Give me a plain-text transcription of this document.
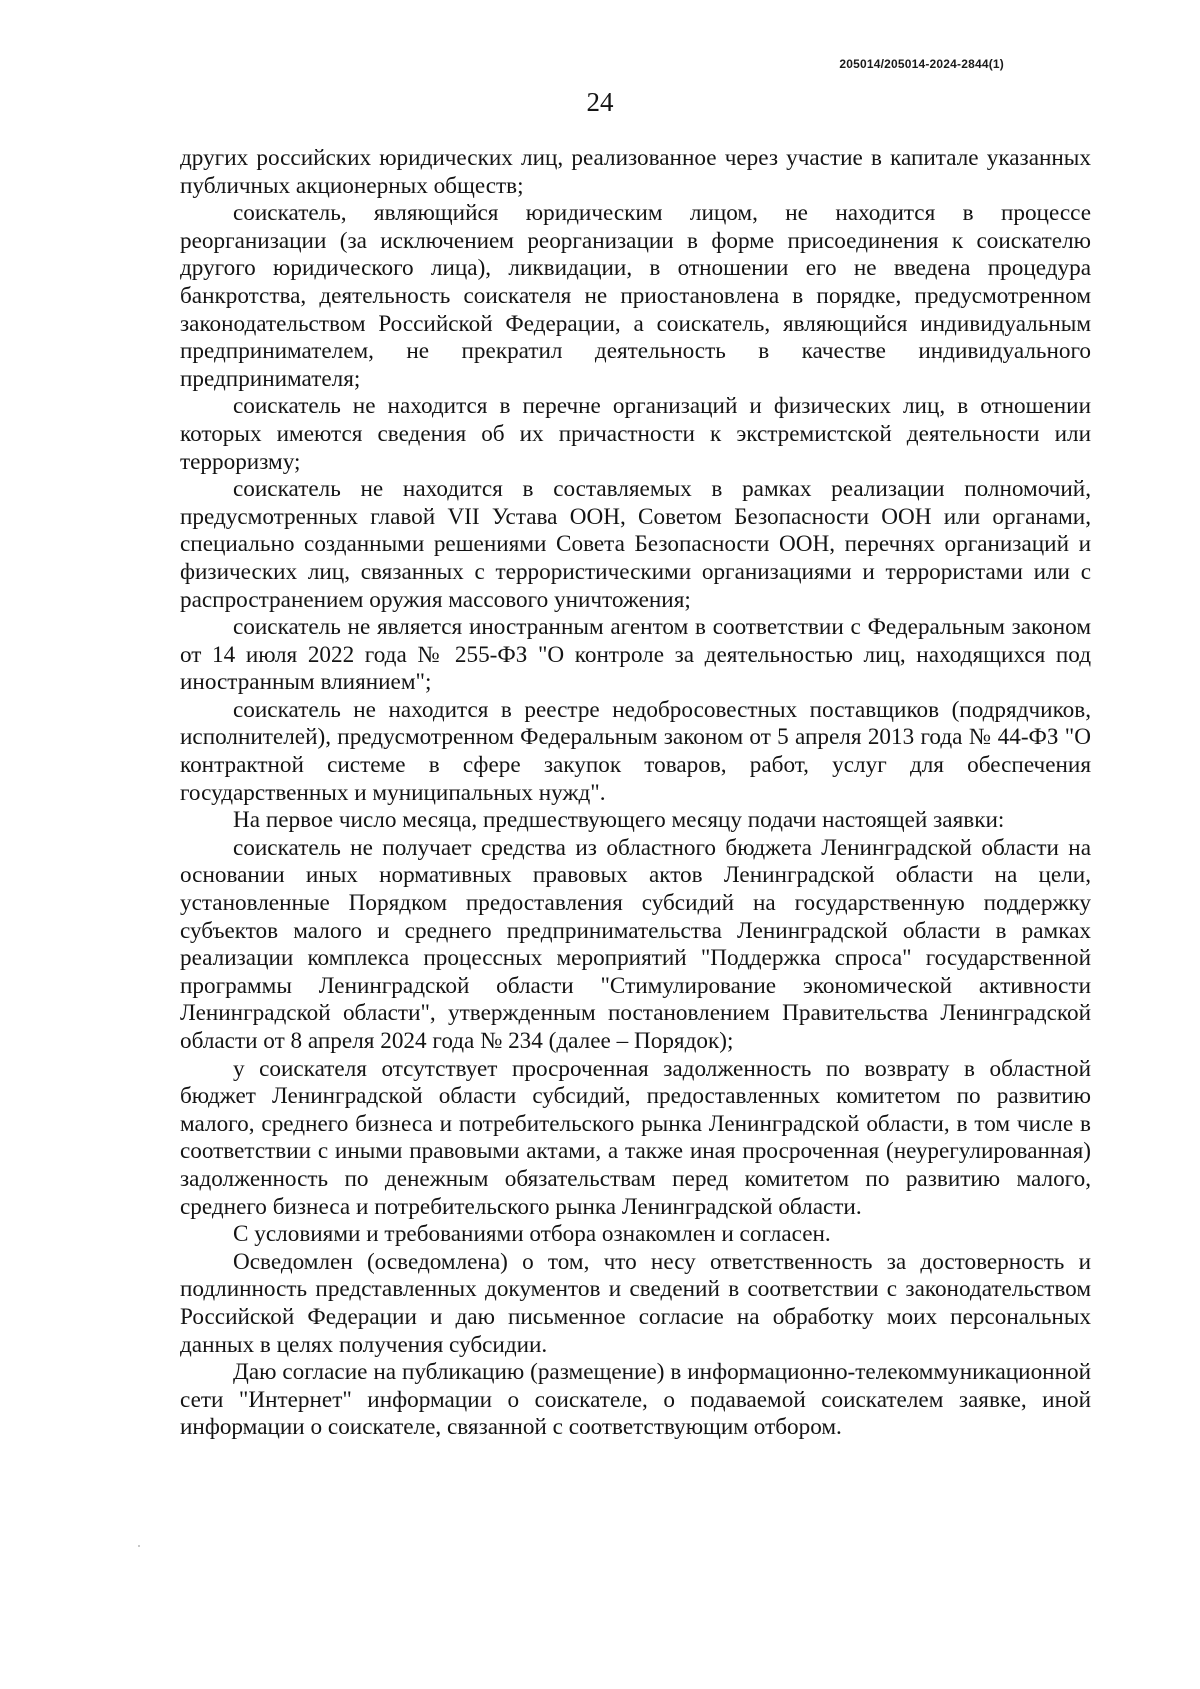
205014/205014-2024-2844(1)
24

других российских юридических лиц, реализованное через участие в капитале указанных публичных акционерных обществ;

соискатель, являющийся юридическим лицом, не находится в процессе реорганизации (за исключением реорганизации в форме присоединения к соискателю другого юридического лица), ликвидации, в отношении его не введена процедура банкротства, деятельность соискателя не приостановлена в порядке, предусмотренном законодательством Российской Федерации, а соискатель, являющийся индивидуальным предпринимателем, не прекратил деятельность в качестве индивидуального предпринимателя;

соискатель не находится в перечне организаций и физических лиц, в отношении которых имеются сведения об их причастности к экстремистской деятельности или терроризму;

соискатель не находится в составляемых в рамках реализации полномочий, предусмотренных главой VII Устава ООН, Советом Безопасности ООН или органами, специально созданными решениями Совета Безопасности ООН, перечнях организаций и физических лиц, связанных с террористическими организациями и террористами или с распространением оружия массового уничтожения;

соискатель не является иностранным агентом в соответствии с Федеральным законом от 14 июля 2022 года № 255-ФЗ "О контроле за деятельностью лиц, находящихся под иностранным влиянием";

соискатель не находится в реестре недобросовестных поставщиков (подрядчиков, исполнителей), предусмотренном Федеральным законом от 5 апреля 2013 года № 44-ФЗ "О контрактной системе в сфере закупок товаров, работ, услуг для обеспечения государственных и муниципальных нужд".

На первое число месяца, предшествующего месяцу подачи настоящей заявки:

соискатель не получает средства из областного бюджета Ленинградской области на основании иных нормативных правовых актов Ленинградской области на цели, установленные Порядком предоставления субсидий на государственную поддержку субъектов малого и среднего предпринимательства Ленинградской области в рамках реализации комплекса процессных мероприятий "Поддержка спроса" государственной программы Ленинградской области "Стимулирование экономической активности Ленинградской области", утвержденным постановлением Правительства Ленинградской области от 8 апреля 2024 года № 234 (далее – Порядок);

у соискателя отсутствует просроченная задолженность по возврату в областной бюджет Ленинградской области субсидий, предоставленных комитетом по развитию малого, среднего бизнеса и потребительского рынка Ленинградской области, в том числе в соответствии с иными правовыми актами, а также иная просроченная (неурегулированная) задолженность по денежным обязательствам перед комитетом по развитию малого, среднего бизнеса и потребительского рынка Ленинградской области.

С условиями и требованиями отбора ознакомлен и согласен.

Осведомлен (осведомлена) о том, что несу ответственность за достоверность и подлинность представленных документов и сведений в соответствии с законодательством Российской Федерации и даю письменное согласие на обработку моих персональных данных в целях получения субсидии.

Даю согласие на публикацию (размещение) в информационно-телекоммуникационной сети "Интернет" информации о соискателе, о подаваемой соискателем заявке, иной информации о соискателе, связанной с соответствующим отбором.
